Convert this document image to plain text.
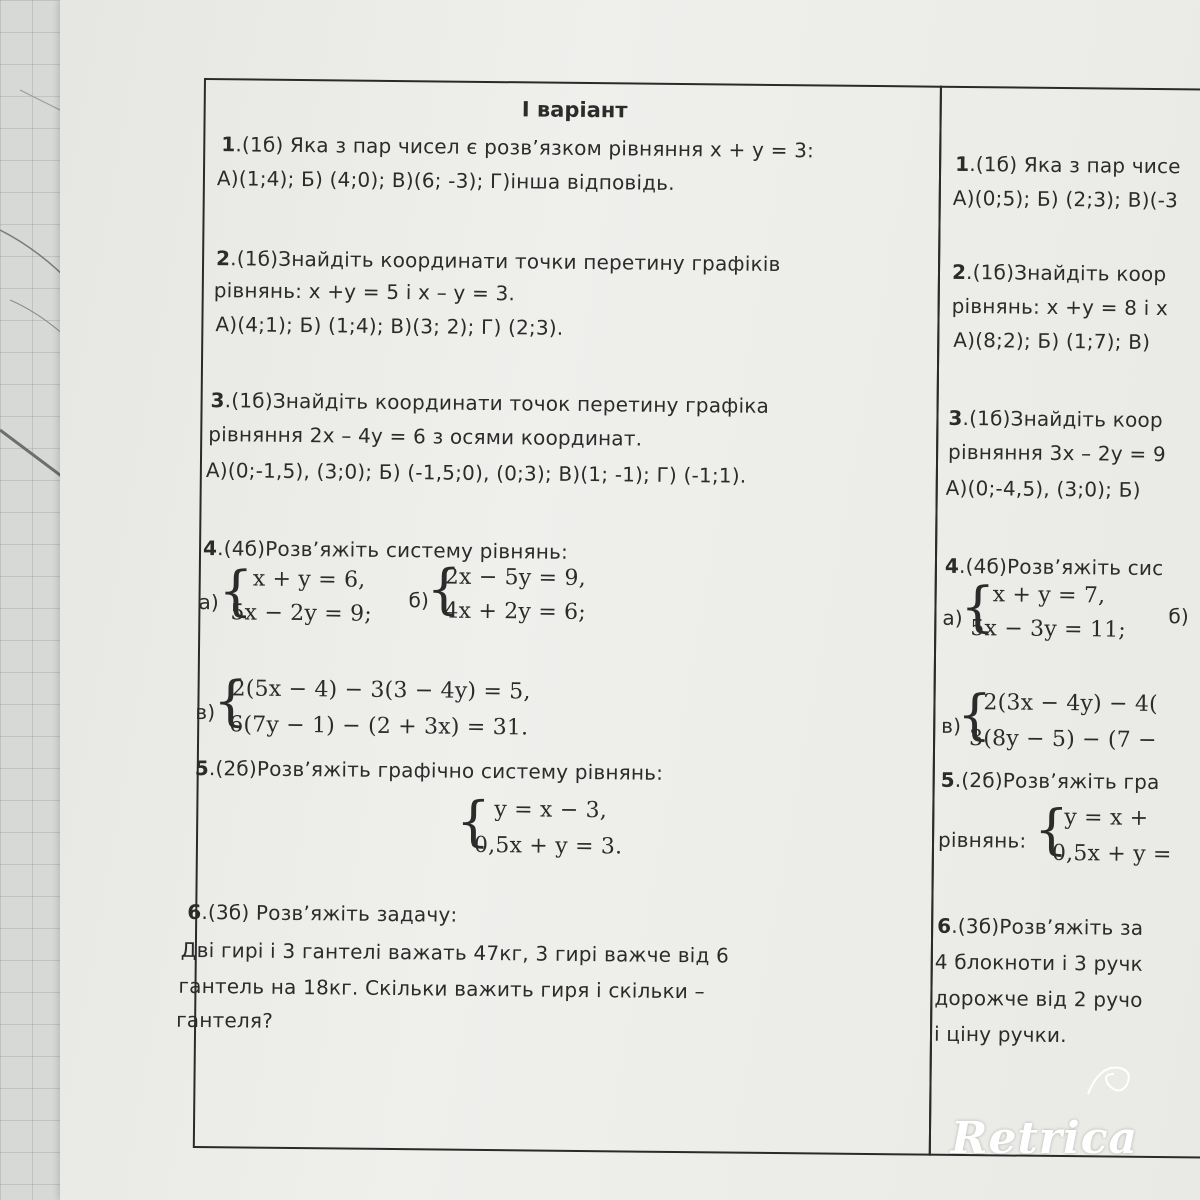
І варіант
1.(1б) Яка з пар чисел є розв’язком рівняння x + y = 3:
А)(1;4); Б) (4;0); В)(6; -3); Г)інша відповідь.
2.(1б)Знайдіть координати точки перетину графіків
рівнянь: x +y = 5 і x – y = 3.
А)(4;1); Б) (1;4); В)(3; 2); Г) (2;3).
3.(1б)Знайдіть координати точок перетину графіка
рівняння 2x – 4y = 6 з осями координат.
А)(0;-1,5), (3;0); Б) (-1,5;0), (0;3); В)(1; -1); Г) (-1;1).
4.(4б)Розв’яжіть систему рівнянь:
а) { x + y = 6,
5x − 2y = 9;
б)
{
2x − 5y = 9,
4x + 2y = 6;
в)
{
2(5x − 4) − 3(3 − 4y) = 5,
6(7y − 1) − (2 + 3x) = 31.
5.(2б)Розв’яжіть графічно систему рівнянь:
{ y = x − 3,
0,5x + y = 3.
6.(3б) Розв’яжіть задачу:
Дві гирі і 3 гантелі важать 47кг, 3 гирі важче від 6
гантель на 18кг. Скільки важить гиря і скільки –
гантеля?
1.(1б) Яка з пар чисе
А)(0;5); Б) (2;3); В)(-3
2.(1б)Знайдіть коор
рівнянь: x +y = 8 і x
А)(8;2); Б) (1;7); В)
3.(1б)Знайдіть коор
рівняння 3x – 2y = 9
А)(0;-4,5), (3;0); Б)
4.(4б)Розв’яжіть сис
а)
{
x + y = 7,
5x − 3y = 11; б)
в)
{
2(3x − 4y) − 4(
3(8y − 5) − (7 −
5.(2б)Розв’яжіть гра
рівнянь: {
y = x +
0,5x + y =
6.(3б)Розв’яжіть за
4 блокноти і 3 ручк
дорожче від 2 ручо
і ціну ручки.
Retrica
